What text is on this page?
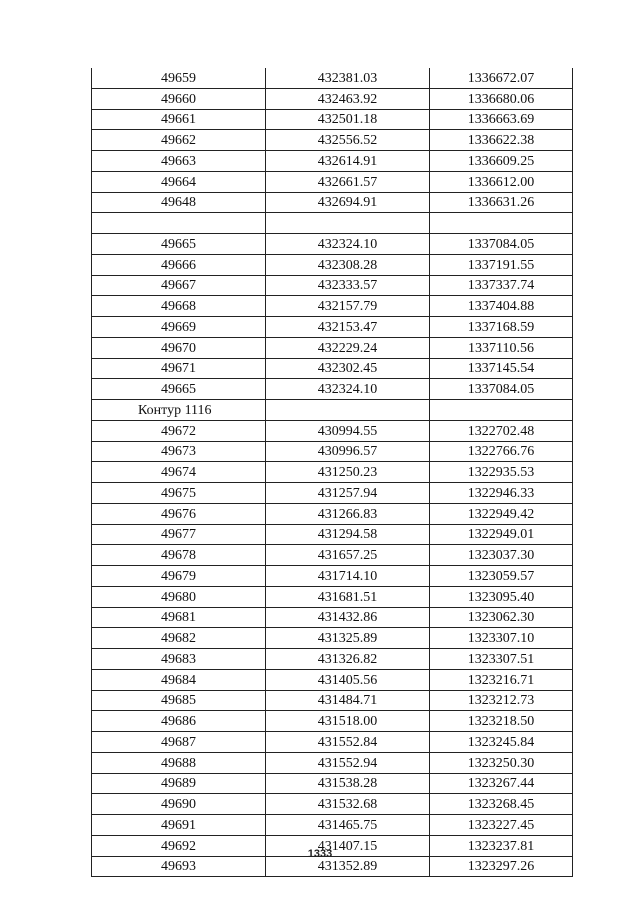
49659	432381.03	1336672.07
49660	432463.92	1336680.06
49661	432501.18	1336663.69
49662	432556.52	1336622.38
49663	432614.91	1336609.25
49664	432661.57	1336612.00
49648	432694.91	1336631.26

49665	432324.10	1337084.05
49666	432308.28	1337191.55
49667	432333.57	1337337.74
49668	432157.79	1337404.88
49669	432153.47	1337168.59
49670	432229.24	1337110.56
49671	432302.45	1337145.54
49665	432324.10	1337084.05
Контур 1116		
49672	430994.55	1322702.48
49673	430996.57	1322766.76
49674	431250.23	1322935.53
49675	431257.94	1322946.33
49676	431266.83	1322949.42
49677	431294.58	1322949.01
49678	431657.25	1323037.30
49679	431714.10	1323059.57
49680	431681.51	1323095.40
49681	431432.86	1323062.30
49682	431325.89	1323307.10
49683	431326.82	1323307.51
49684	431405.56	1323216.71
49685	431484.71	1323212.73
49686	431518.00	1323218.50
49687	431552.84	1323245.84
49688	431552.94	1323250.30
49689	431538.28	1323267.44
49690	431532.68	1323268.45
49691	431465.75	1323227.45
49692	431407.15	1323237.81
49693	431352.89	1323297.26
1333
